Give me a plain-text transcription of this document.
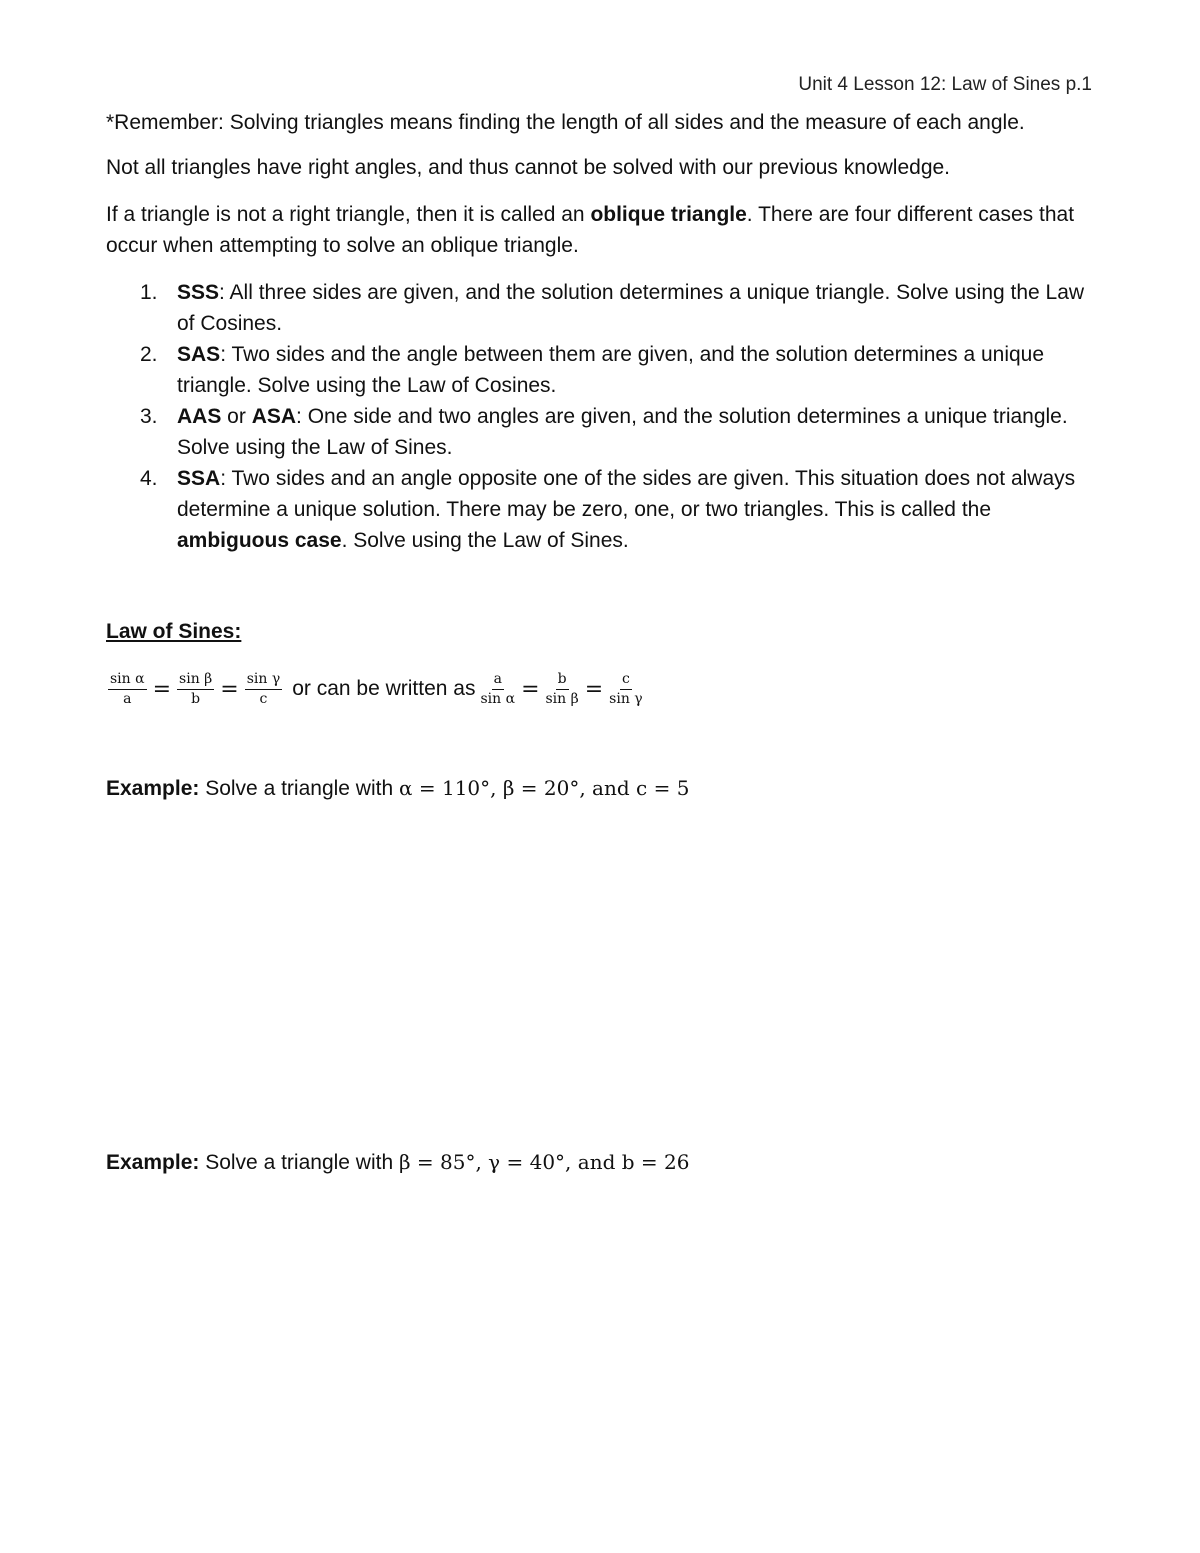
Unit 4 Lesson 12: Law of Sines p.1
*Remember: Solving triangles means finding the length of all sides and the measure of each angle.
Not all triangles have right angles, and thus cannot be solved with our previous knowledge.
If a triangle is not a right triangle, then it is called an oblique triangle. There are four different cases that occur when attempting to solve an oblique triangle.
1. SSS: All three sides are given, and the solution determines a unique triangle. Solve using the Law of Cosines.
2. SAS: Two sides and the angle between them are given, and the solution determines a unique triangle. Solve using the Law of Cosines.
3. AAS or ASA: One side and two angles are given, and the solution determines a unique triangle. Solve using the Law of Sines.
4. SSA: Two sides and an angle opposite one of the sides are given. This situation does not always determine a unique solution. There may be zero, one, or two triangles. This is called the ambiguous case. Solve using the Law of Sines.
Law of Sines:
$\frac{\text{sin α}}{a} = \frac{\text{sin β}}{b} = \frac{\text{sin γ}}{c}$ or can be written as $\frac{a}{\text{sin α}} = \frac{b}{\text{sin β}} = \frac{c}{\text{sin γ}}$
Example: Solve a triangle with α = 110°, β = 20°, and c = 5
Example: Solve a triangle with β = 85°, γ = 40°, and b = 26
